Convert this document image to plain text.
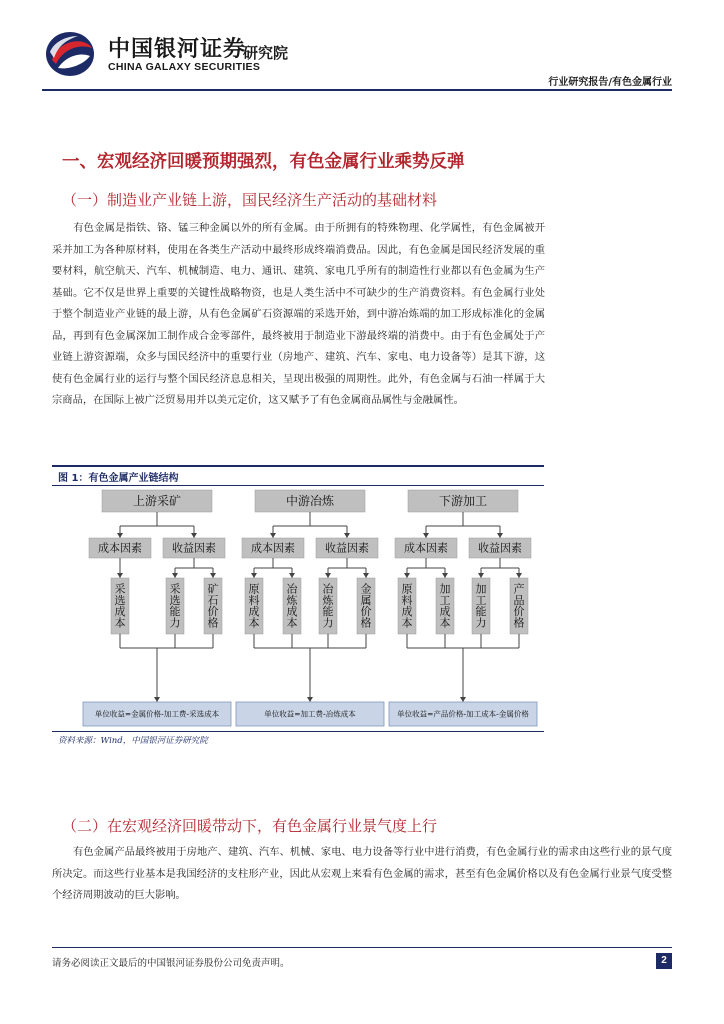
中国银河证券
CHINA GALAXY SECURITIES
研究院
行业研究报告/有色金属行业
一、宏观经济回暖预期强烈，有色金属行业乘势反弹
（一）制造业产业链上游，国民经济生产活动的基础材料
有色金属是指铁、铬、锰三种金属以外的所有金属。由于所拥有的特殊物理、化学属性，有色金属被开采并加工为各种原材料，使用在各类生产活动中最终形成终端消费品。因此，有色金属是国民经济发展的重要材料，航空航天、汽车、机械制造、电力、通讯、建筑、家电几乎所有的制造性行业都以有色金属为生产基础。它不仅是世界上重要的关键性战略物资，也是人类生活中不可缺少的生产消费资料。有色金属行业处于整个制造业产业链的最上游，从有色金属矿石资源端的采选开始，到中游冶炼端的加工形成标准化的金属品，再到有色金属深加工制作成合金零部件，最终被用于制造业下游最终端的消费中。由于有色金属处于产业链上游资源端，众多与国民经济中的重要行业（房地产、建筑、汽车、家电、电力设备等）是其下游，这使有色金属行业的运行与整个国民经济息息相关，呈现出极强的周期性。此外，有色金属与石油一样属于大宗商品，在国际上被广泛贸易用并以美元定价，这又赋予了有色金属商品属性与金融属性。
图 1：有色金属产业链结构
上游采矿
成本因素	收益因素
采
选
成
本
采
选
能
力
矿
石
价
格
单位收益=金属价格-加工费-采选成本
中游冶炼
成本因素	收益因素
原
料
成
本
冶
炼
成
本
冶
炼
能
力
金
属
价
格
单位收益=加工费-冶炼成本
下游加工
成本因素	收益因素
原
料
成
本
加
工
成
本
加
工
能
力
产
品
价
格
单位收益=产品价格-加工成本-金属价格
资料来源：Wind，中国银河证券研究院
（二）在宏观经济回暖带动下，有色金属行业景气度上行
有色金属产品最终被用于房地产、建筑、汽车、机械、家电、电力设备等行业中进行消费，有色金属行业的需求由这些行业的景气度所决定。而这些行业基本是我国经济的支柱形产业，因此从宏观上来看有色金属的需求，甚至有色金属价格以及有色金属行业景气度受整个经济周期波动的巨大影响。
请务必阅读正文最后的中国银河证券股份公司免责声明。	2
